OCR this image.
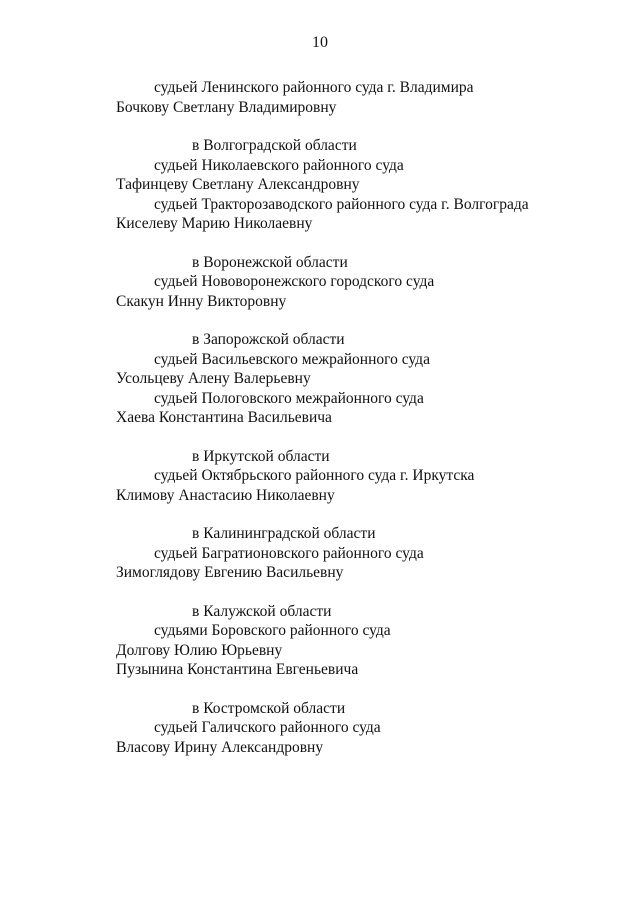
10
судьей Ленинского районного суда г. Владимира
Бочкову Светлану Владимировну
в Волгоградской области
судьей Николаевского районного суда
Тафинцеву Светлану Александровну
судьей Тракторозаводского районного суда г. Волгограда
Киселеву Марию Николаевну
в Воронежской области
судьей Нововоронежского городского суда
Скакун Инну Викторовну
в Запорожской области
судьей Васильевского межрайонного суда
Усольцеву Алену Валерьевну
судьей Пологовского межрайонного суда
Хаева Константина Васильевича
в Иркутской области
судьей Октябрьского районного суда г. Иркутска
Климову Анастасию Николаевну
в Калининградской области
судьей Багратионовского районного суда
Зимоглядову Евгению Васильевну
в Калужской области
судьями Боровского районного суда
Долгову Юлию Юрьевну
Пузынина Константина Евгеньевича
в Костромской области
судьей Галичского районного суда
Власову Ирину Александровну
